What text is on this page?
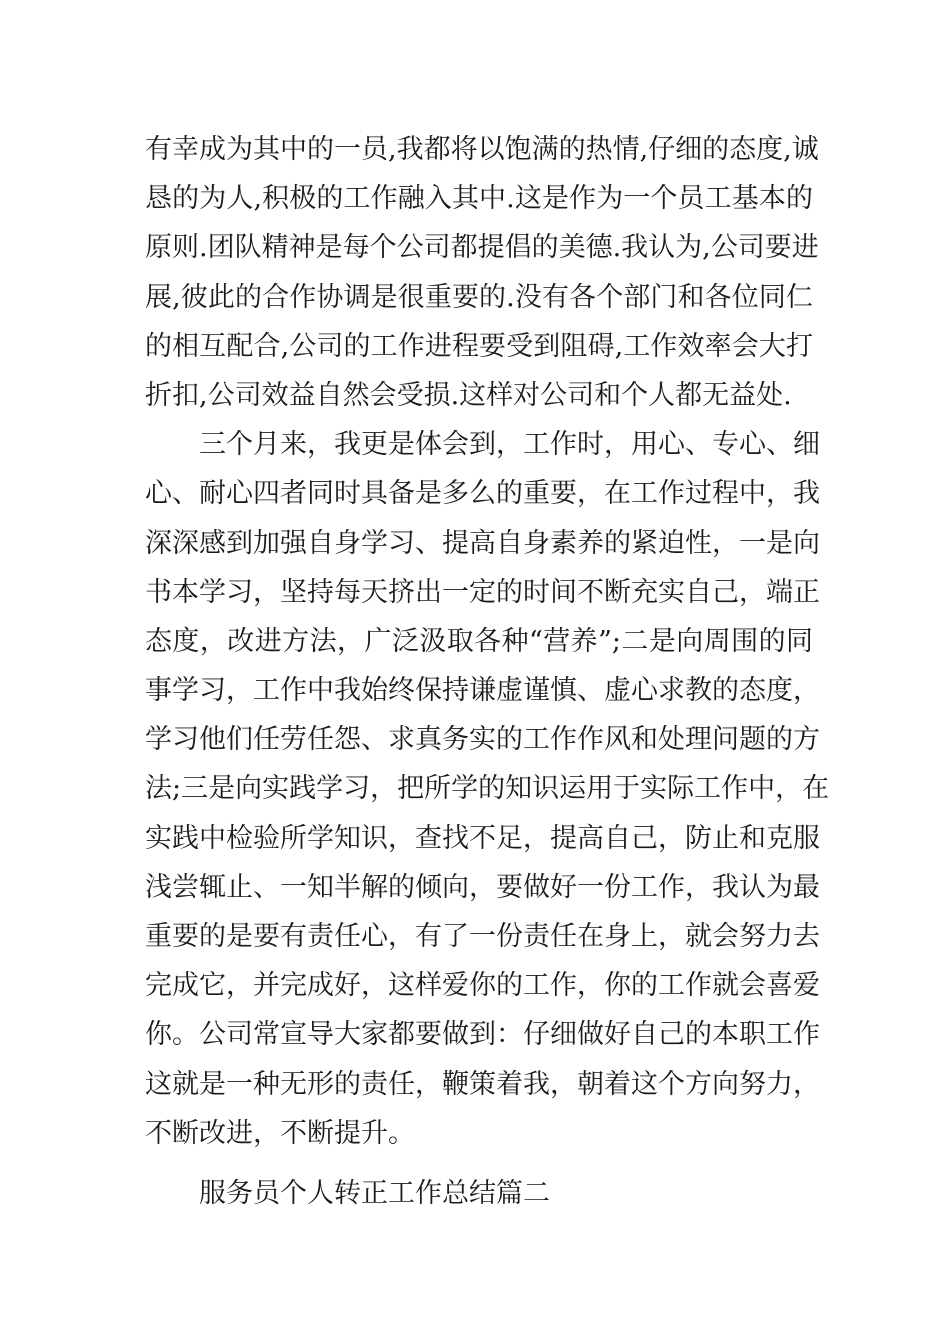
有幸成为其中的一员,我都将以饱满的热情,仔细的态度,诚
恳的为人,积极的工作融入其中.这是作为一个员工基本的
原则.团队精神是每个公司都提倡的美德.我认为,公司要进
展,彼此的合作协调是很重要的.没有各个部门和各位同仁
的相互配合,公司的工作进程要受到阻碍,工作效率会大打
折扣,公司效益自然会受损.这样对公司和个人都无益处.
三个月来，我更是体会到，工作时，用心、专心、细
心、耐心四者同时具备是多么的重要，在工作过程中，我
深深感到加强自身学习、提高自身素养的紧迫性，一是向
书本学习，坚持每天挤出一定的时间不断充实自己，端正
态度，改进方法，广泛汲取各种“营养”;二是向周围的同
事学习，工作中我始终保持谦虚谨慎、虚心求教的态度，
学习他们任劳任怨、求真务实的工作作风和处理问题的方
法;三是向实践学习，把所学的知识运用于实际工作中，在
实践中检验所学知识，查找不足，提高自己，防止和克服
浅尝辄止、一知半解的倾向，要做好一份工作，我认为最
重要的是要有责任心，有了一份责任在身上，就会努力去
完成它，并完成好，这样爱你的工作，你的工作就会喜爱
你。公司常宣导大家都要做到：仔细做好自己的本职工作
这就是一种无形的责任，鞭策着我，朝着这个方向努力，
不断改进，不断提升。
服务员个人转正工作总结篇二
